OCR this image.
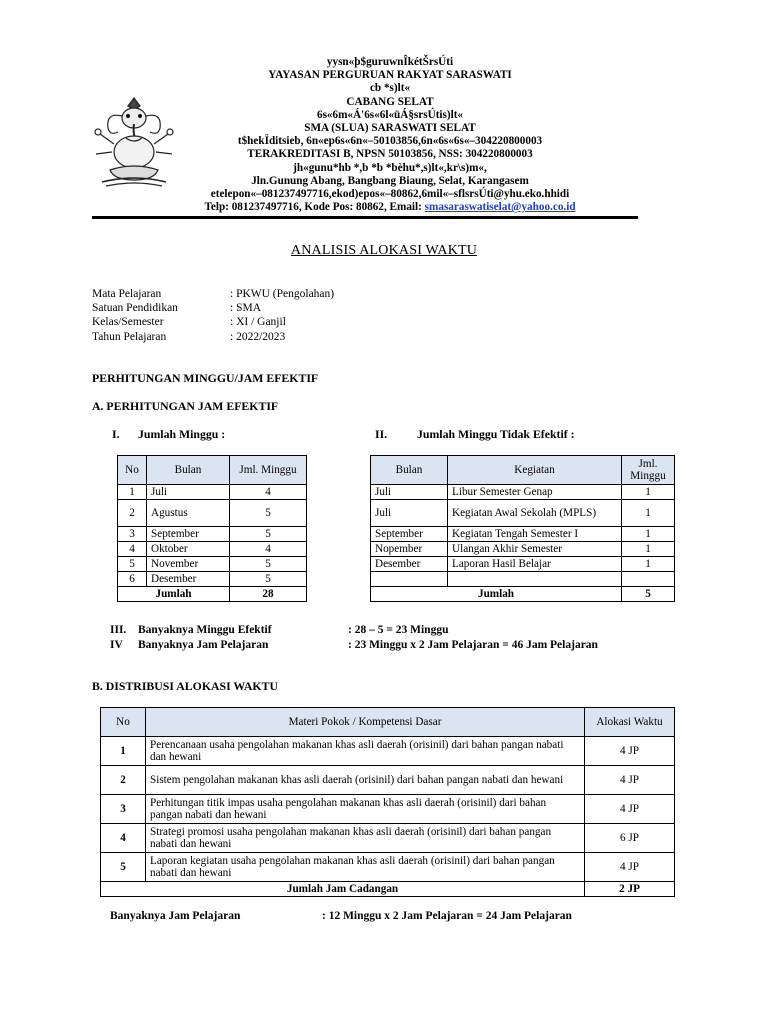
yysn«þ$guruwnÎkétŠrsÚti
YAYASAN PERGURUAN RAKYAT SARASWATI
cb *s)lt«
CABANG SELAT
6s«6m«Á'6s«6l«üÁ§srsÚtis)lt«
SMA (SLUA) SARASWATI SELAT
t$hekÏditsieb, 6n«ep6s«6n«–50103856,6n«6s«6s«–304220800003
TERAKREDITASI B, NPSN 50103856, NSS: 304220800003
jh«gunu*hb *,b *b *bèhu*,s)lt«,kr\s)m«,
Jln.Gunung Abang, Bangbang Biaung, Selat, Karangasem
etelepon«–081237497716,ekod)epos«–80862,6mil«–sflsrsÚti@yhu.eko.hhidi
Telp: 081237497716, Kode Pos: 80862, Email: smasaraswatiselat@yahoo.co.id
ANALISIS ALOKASI WAKTU
Mata Pelajaran	: PKWU (Pengolahan)
Satuan Pendidikan	: SMA
Kelas/Semester	: XI / Ganjil
Tahun Pelajaran	: 2022/2023
PERHITUNGAN MINGGU/JAM EFEKTIF
A. PERHITUNGAN JAM EFEKTIF
I. Jumlah Minggu :	II.	Jumlah Minggu Tidak Efektif :
No	Bulan	Jml. Minggu
1	Juli	4
2	Agustus	5
3	September	5
4	Oktober	4
5	November	5
6	Desember	5
Jumlah		28
Bulan	Kegiatan	Jml. Minggu
Juli	Libur Semester Genap	1
Juli	Kegiatan Awal Sekolah (MPLS)	1
September	Kegiatan Tengah Semester I	1
Nopember	Ulangan Akhir Semester	1
Desember	Laporan Hasil Belajar	1

Jumlah		5
III.	Banyaknya Minggu Efektif	: 28 – 5 = 23 Minggu
IV	Banyaknya Jam Pelajaran	: 23 Minggu x 2 Jam Pelajaran = 46 Jam Pelajaran
B. DISTRIBUSI ALOKASI WAKTU
No	Materi Pokok / Kompetensi Dasar	Alokasi Waktu
1	Perencanaan usaha pengolahan makanan khas asli daerah (orisinil) dari bahan pangan nabati dan hewani	4 JP
2	Sistem pengolahan makanan khas asli daerah (orisinil) dari bahan pangan nabati dan hewani	4 JP
3	Perhitungan titik impas usaha pengolahan makanan khas asli daerah (orisinil) dari bahan pangan nabati dan hewani	4 JP
4	Strategi promosi usaha pengolahan makanan khas asli daerah (orisinil) dari bahan pangan nabati dan hewani	6 JP
5	Laporan kegiatan usaha pengolahan makanan khas asli daerah (orisinil) dari bahan pangan nabati dan hewani	4 JP
Jumlah Jam Cadangan		2 JP
Banyaknya Jam Pelajaran	: 12 Minggu x 2 Jam Pelajaran = 24 Jam Pelajaran
